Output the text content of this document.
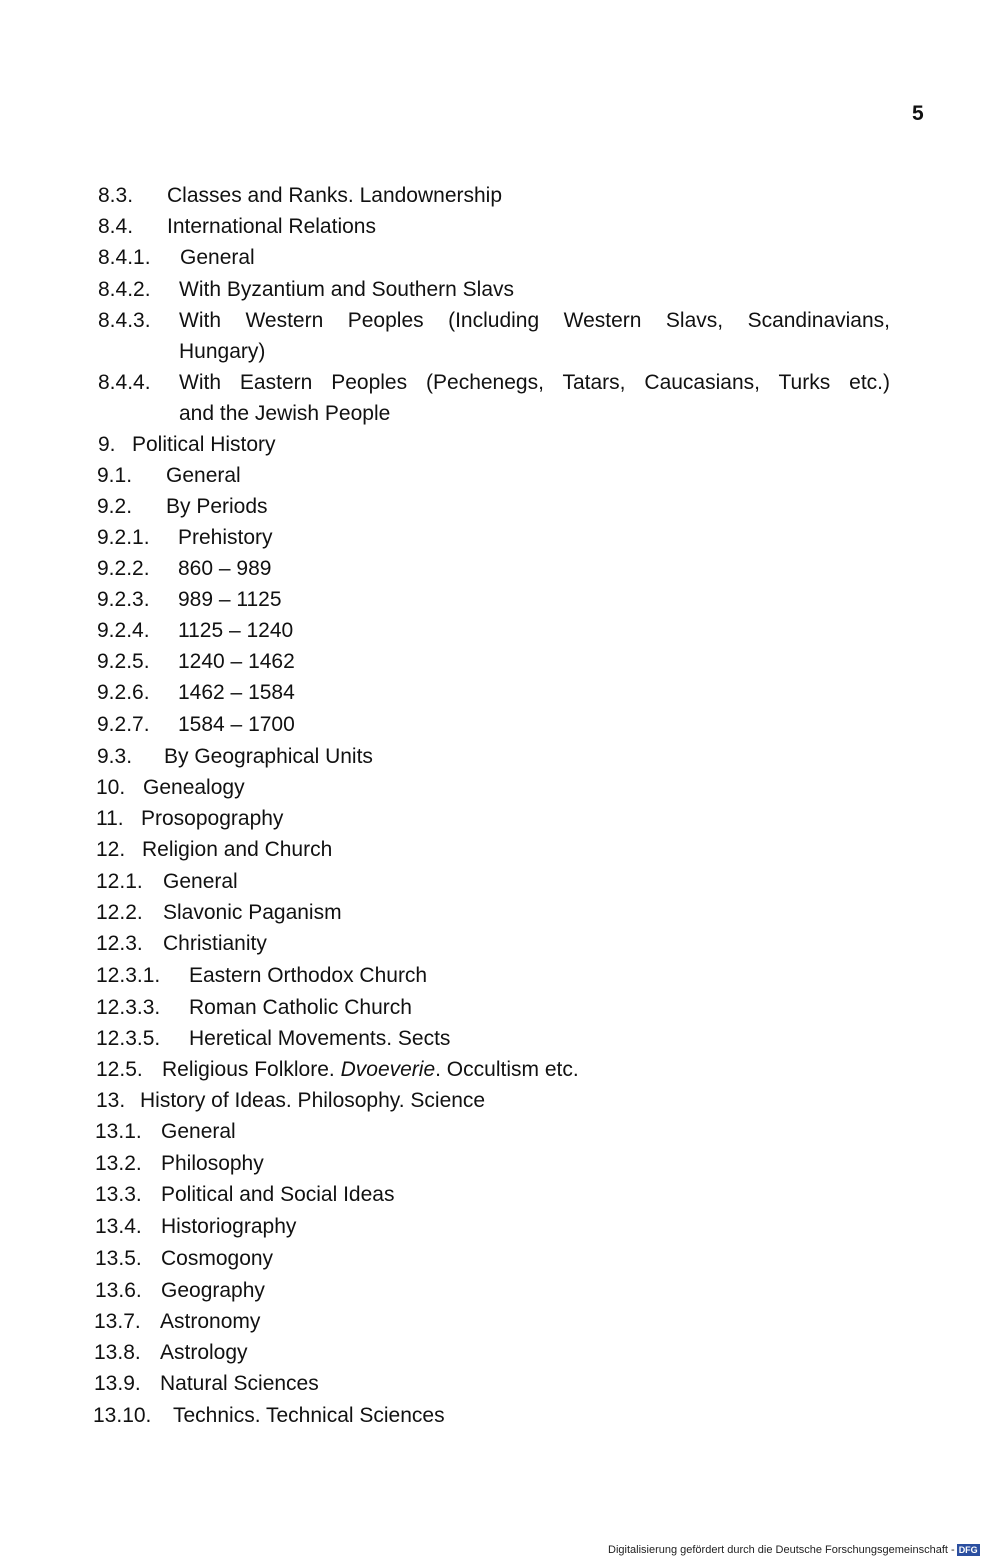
5
8.3. Classes and Ranks. Landownership
8.4. International Relations
8.4.1. General
8.4.2. With Byzantium and Southern Slavs
8.4.3. With Western Peoples (Including Western Slavs, Scandinavians,
Hungary)
8.4.4. With Eastern Peoples (Pechenegs, Tatars, Caucasians, Turks etc.)
and the Jewish People
9. Political History
9.1. General
9.2. By Periods
9.2.1. Prehistory
9.2.2. 860 – 989
9.2.3. 989 – 1125
9.2.4. 1125 – 1240
9.2.5. 1240 – 1462
9.2.6. 1462 – 1584
9.2.7. 1584 – 1700
9.3. By Geographical Units
10. Genealogy
11. Prosopography
12. Religion and Church
12.1. General
12.2. Slavonic Paganism
12.3. Christianity
12.3.1. Eastern Orthodox Church
12.3.3. Roman Catholic Church
12.3.5. Heretical Movements. Sects
12.5. Religious Folklore. Dvoeverie. Occultism etc.
13. History of Ideas. Philosophy. Science
13.1. General
13.2. Philosophy
13.3. Political and Social Ideas
13.4. Historiography
13.5. Cosmogony
13.6. Geography
13.7. Astronomy
13.8. Astrology
13.9. Natural Sciences
13.10. Technics. Technical Sciences
Digitalisierung gefördert durch die Deutsche Forschungsgemeinschaft - DFG
